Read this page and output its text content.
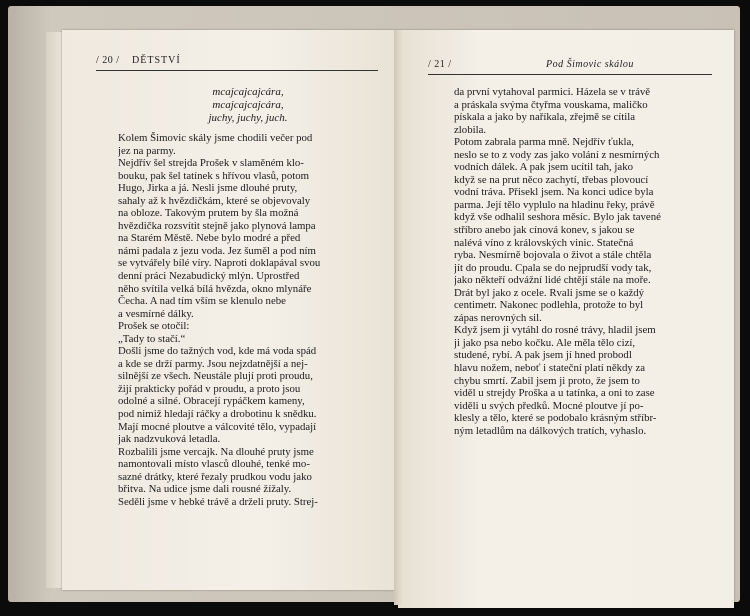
/ 20 / DĚTSTVÍ	/ 21 /	Pod Šimovic skálou
mcajcajcajcára,
mcajcajcajcára,
juchy, juchy, juch.
Kolem Šimovic skály jsme chodili večer pod
jez na parmy.
Nejdřív šel strejda Prošek v slaměném klo-
bouku, pak šel tatínek s hřívou vlasů, potom
Hugo, Jirka a já. Nesli jsme dlouhé pruty,
sahaly až k hvězdičkám, které se objevovaly
na obloze. Takovým prutem by šla možná
hvězdička rozsvítit stejně jako plynová lampa
na Starém Městě. Nebe bylo modré a před
námi padala z jezu voda. Jez šuměl a pod ním
se vytvářely bílé víry. Naproti doklapával svou
denní práci Nezabudický mlýn. Uprostřed
něho svítila velká bílá hvězda, okno mlynáře
Čecha. A nad tím vším se klenulo nebe
a vesmírné dálky.
Prošek se otočil:
„Tady to stačí.“
Došli jsme do tažných vod, kde má voda spád
a kde se drží parmy. Jsou nejzdatnější a nej-
silnější ze všech. Neustále plují proti proudu,
žijí prakticky pořád v proudu, a proto jsou
odolné a silné. Obracejí rypáčkem kameny,
pod nimiž hledají ráčky a drobotinu k snědku.
Mají mocné ploutve a válcovité tělo, vypadají
jak nadzvuková letadla.
Rozbalili jsme vercajk. Na dlouhé pruty jsme
namontovali místo vlasců dlouhé, tenké mo-
sazné drátky, které řezaly prudkou vodu jako
břitva. Na udice jsme dali rousné žížaly.
Seděli jsme v hebké trávě a drželi pruty. Strej-
da první vytahoval parmici. Házela se v trávě
a práskala svýma čtyřma vouskama, maličko
pískala a jako by naříkala, zřejmě se cítila
zlobila.
Potom zabrala parma mně. Nejdřív ťukla,
neslo se to z vody zas jako volání z nesmírných
vodních dálek. A pak jsem ucítil tah, jako
když se na prut něco zachytí, třebas plovoucí
vodní tráva. Přisekl jsem. Na konci udice byla
parma. Její tělo vyplulo na hladinu řeky, právě
když vše odhalil seshora měsíc. Bylo jak tavené
stříbro anebo jak cínová konev, s jakou se
nalévá víno z královských vinic. Statečná
ryba. Nesmírně bojovala o život a stále chtěla
jít do proudu. Cpala se do nejprudší vody tak,
jako někteří odvážní lidé chtějí stále na moře.
Drát byl jako z ocele. Rvali jsme se o každý
centimetr. Nakonec podlehla, protože to byl
zápas nerovných sil.
Když jsem ji vytáhl do rosné trávy, hladil jsem
ji jako psa nebo kočku. Ale měla tělo cizí,
studené, rybí. A pak jsem jí hned probodl
hlavu nožem, neboť i stateční platí někdy za
chybu smrtí. Zabil jsem ji proto, že jsem to
viděl u strejdy Proška a u tatínka, a oni to zase
viděli u svých předků. Mocné ploutve jí po-
klesly a tělo, které se podobalo krásným stříbr-
ným letadlům na dálkových tratích, vyhaslo.
